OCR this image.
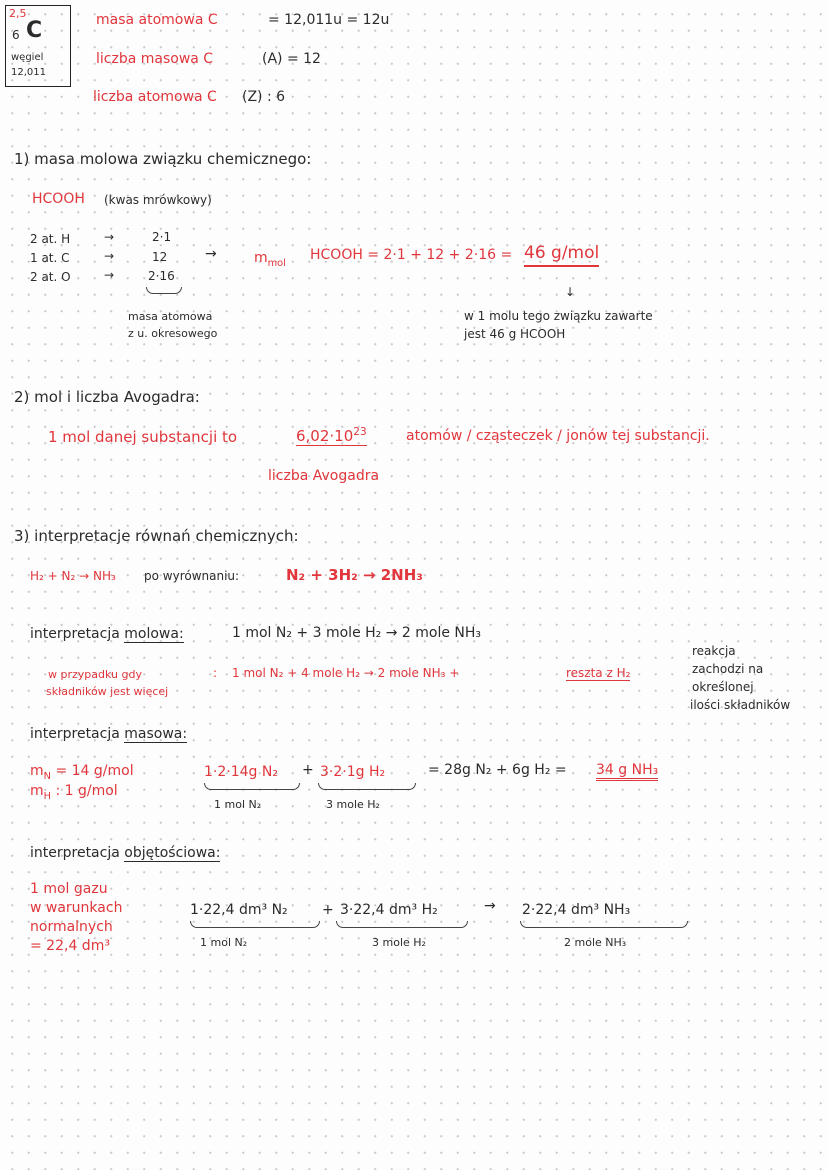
2,5
6 C
węgiel
12,011
masa atomowa C	= 12,011u = 12u
liczba masowa C	(A) = 12
liczba atomowa C (Z) : 6
1) masa molowa związku chemicznego:
HCOOH (kwas mrówkowy)
2 at. H	→	2·1
1 at. C	→	12
2 at. O	→	2·16
masa atomowa
z u. okresowego
→	$m_{mol}$
HCOOH = 2·1 + 12 + 2·16 = 46 g/mol
↓
w 1 molu tego związku zawarte
jest 46 g HCOOH
2) mol i liczba Avogadra:
1 mol danej substancji to	$6,02\cdot 10^{23}$	atomów / cząsteczek / jonów tej substancji.
liczba Avogadra
3) interpretacje równań chemicznych:
H₂ + N₂ → NH₃ po wyrównaniu:	N₂ + 3H₂ → 2NH₃
interpretacja molowa:	1 mol N₂ + 3 mole H₂ → 2 mole NH₃
w przypadku gdy
składników jest więcej
: 1 mol N₂ + 4 mole H₂ → 2 mole NH₃ +	reszta z H₂
reakcja
zachodzi na
określonej
ilości składników
interpretacja masowa:
$m_N = 14$ g/mol
$m_H$ : 1 g/mol
1·2·14g N₂ + 3·2·1g H₂	= 28g N₂ + 6g H₂ = 34 g NH₃
1 mol N₂	3 mole H₂
interpretacja objętościowa:
1 mol gazu
w warunkach
normalnych
= 22,4 dm³
1·22,4 dm³ N₂ + 3·22,4 dm³ H₂	→ 2·22,4 dm³ NH₃
1 mol N₂	3 mole H₂	2 mole NH₃
